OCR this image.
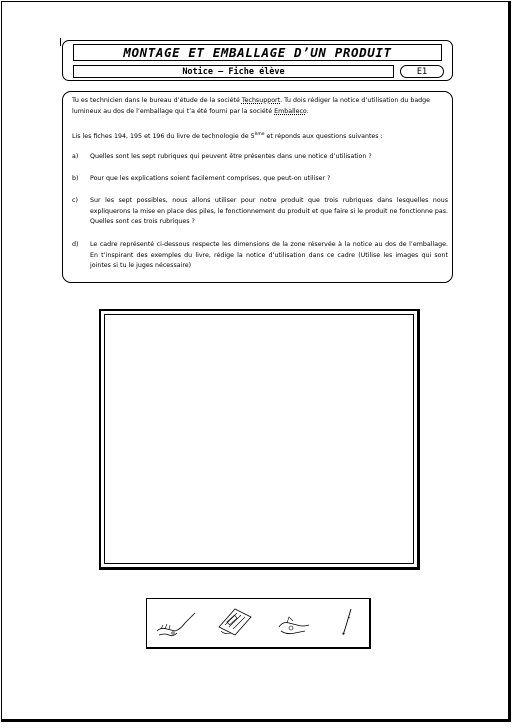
MONTAGE ET EMBALLAGE D’UN PRODUIT
Notice – Fiche élève	E1

Tu es technicien dans le bureau d’étude de la société Techsupport. Tu dois rédiger la notice d’utilisation du badge lumineux au dos de l’emballage qui t’a été fourni par la société Emballeco.

Lis les fiches 194, 195 et 196 du livre de technologie de 5ème et réponds aux questions suivantes :

a)	Quelles sont les sept rubriques qui peuvent être présentes dans une notice d’utilisation ?
b)	Pour que les explications soient facilement comprises, que peut-on utiliser ?
c)	Sur les sept possibles, nous allons utiliser pour notre produit que trois rubriques dans lesquelles nous expliquerons la mise en place des piles, le fonctionnement du produit et que faire si le produit ne fonctionne pas. Quelles sont ces trois rubriques ?
d)	Le cadre représenté ci-dessous respecte les dimensions de la zone réservée à la notice au dos de l’emballage. En t’inspirant des exemples du livre, rédige la notice d’utilisation dans ce cadre (Utilise les images qui sont jointes si tu le juges nécessaire)
